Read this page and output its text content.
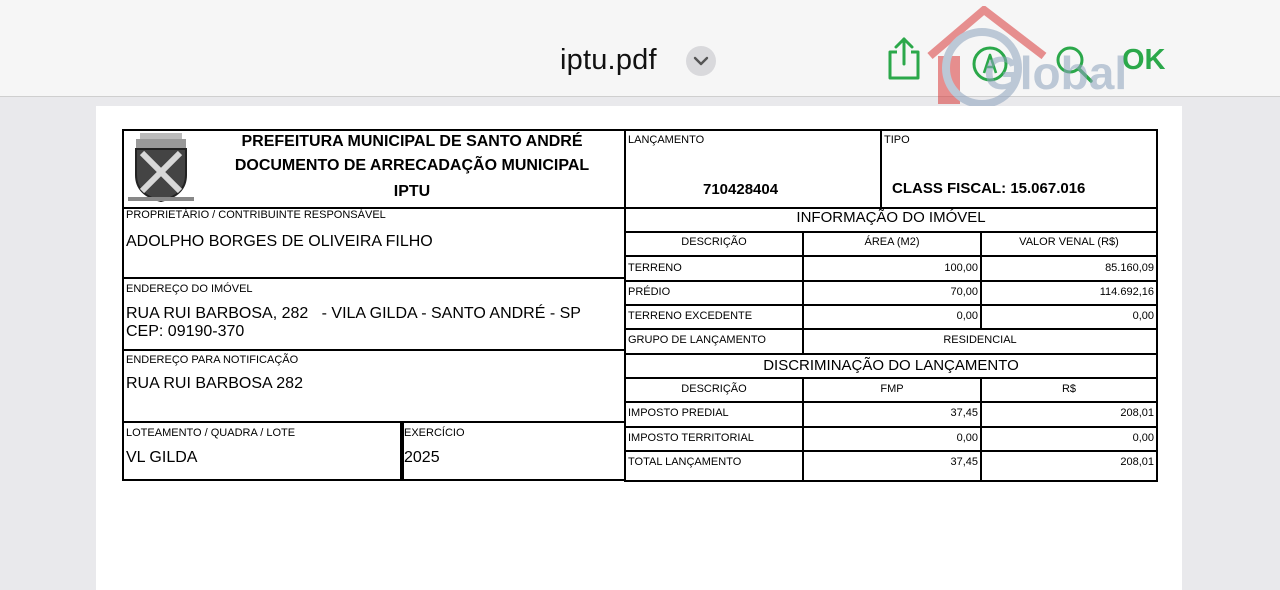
iptu.pdf	OK
Global
PREFEITURA MUNICIPAL DE SANTO ANDRÉ
DOCUMENTO DE ARRECADAÇÃO MUNICIPAL
IPTU
LANÇAMENTO
710428404
TIPO
CLASS FISCAL: 15.067.016
PROPRIETÁRIO / CONTRIBUINTE RESPONSÁVEL
ADOLPHO BORGES DE OLIVEIRA FILHO
ENDEREÇO DO IMÓVEL
RUA RUI BARBOSA, 282   - VILA GILDA - SANTO ANDRÉ - SP
CEP: 09190-370
ENDEREÇO PARA NOTIFICAÇÃO
RUA RUI BARBOSA 282
LOTEAMENTO / QUADRA / LOTE
VL GILDA
EXERCÍCIO
2025
INFORMAÇÃO DO IMÓVEL
DESCRIÇÃO	ÁREA (M2)	VALOR VENAL (R$)
TERRENO	100,00	85.160,09
PRÉDIO	70,00	114.692,16
TERRENO EXCEDENTE	0,00	0,00
GRUPO DE LANÇAMENTO	RESIDENCIAL
DISCRIMINAÇÃO DO LANÇAMENTO
DESCRIÇÃO	FMP	R$
IMPOSTO PREDIAL	37,45	208,01
IMPOSTO TERRITORIAL	0,00	0,00
TOTAL LANÇAMENTO	37,45	208,01
